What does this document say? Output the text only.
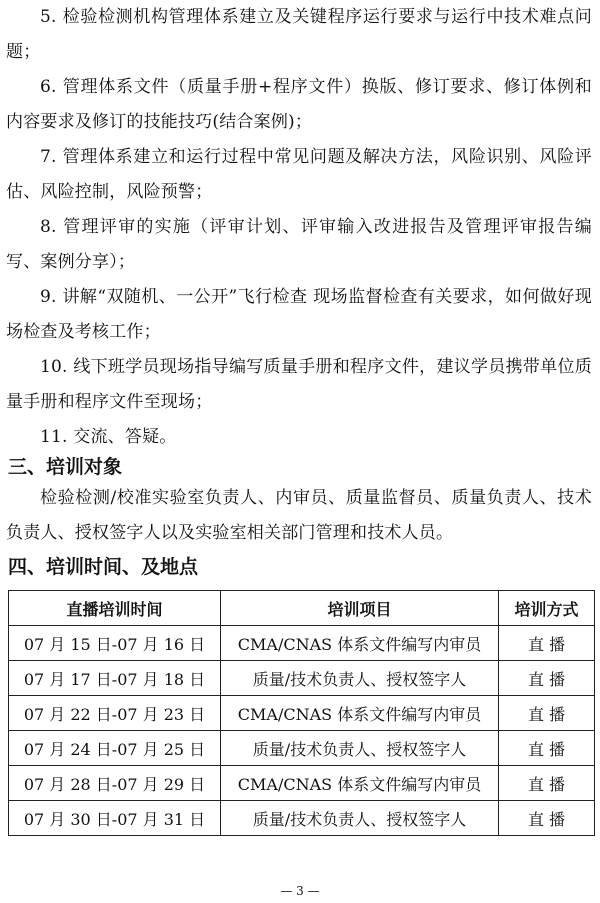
5. 检验检测机构管理体系建立及关键程序运行要求与运行中技术难点问题；

6. 管理体系文件（质量手册+程序文件）换版、修订要求、修订体例和内容要求及修订的技能技巧(结合案例)；

7. 管理体系建立和运行过程中常见问题及解决方法，风险识别、风险评估、风险控制，风险预警；

8. 管理评审的实施（评审计划、评审输入改进报告及管理评审报告编写、案例分享）；

9. 讲解“双随机、一公开”飞行检查 现场监督检查有关要求，如何做好现场检查及考核工作；

10. 线下班学员现场指导编写质量手册和程序文件，建议学员携带单位质量手册和程序文件至现场；

11. 交流、答疑。

三、培训对象

检验检测/校准实验室负责人、内审员、质量监督员、质量负责人、技术负责人、授权签字人以及实验室相关部门管理和技术人员。

四、培训时间、及地点
直播培训时间	培训项目	培训方式
07 月 15 日-07 月 16 日	CMA/CNAS 体系文件编写内审员	直 播
07 月 17 日-07 月 18 日	质量/技术负责人、授权签字人	直 播
07 月 22 日-07 月 23 日	CMA/CNAS 体系文件编写内审员	直 播
07 月 24 日-07 月 25 日	质量/技术负责人、授权签字人	直 播
07 月 28 日-07 月 29 日	CMA/CNAS 体系文件编写内审员	直 播
07 月 30 日-07 月 31 日	质量/技术负责人、授权签字人	直 播
— 3 —
